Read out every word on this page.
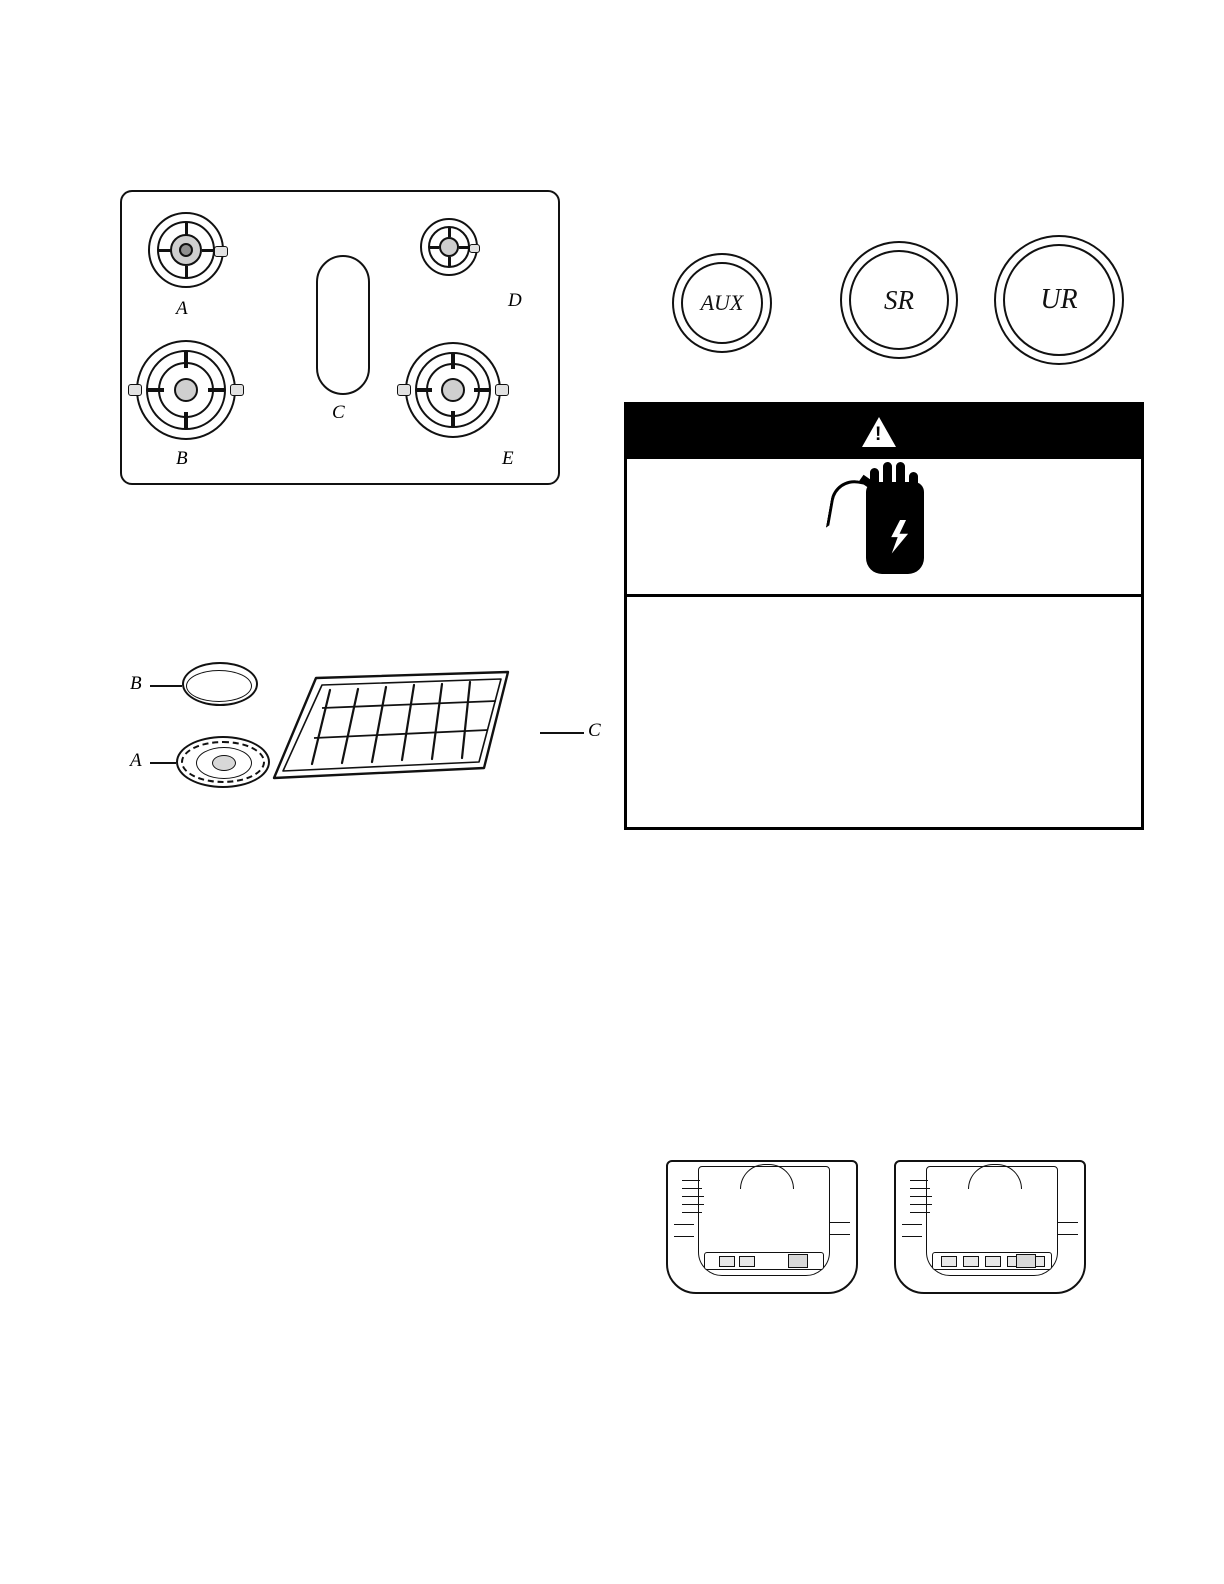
A	D
C
B	E
B
A
C
AUX	SR	UR
!
